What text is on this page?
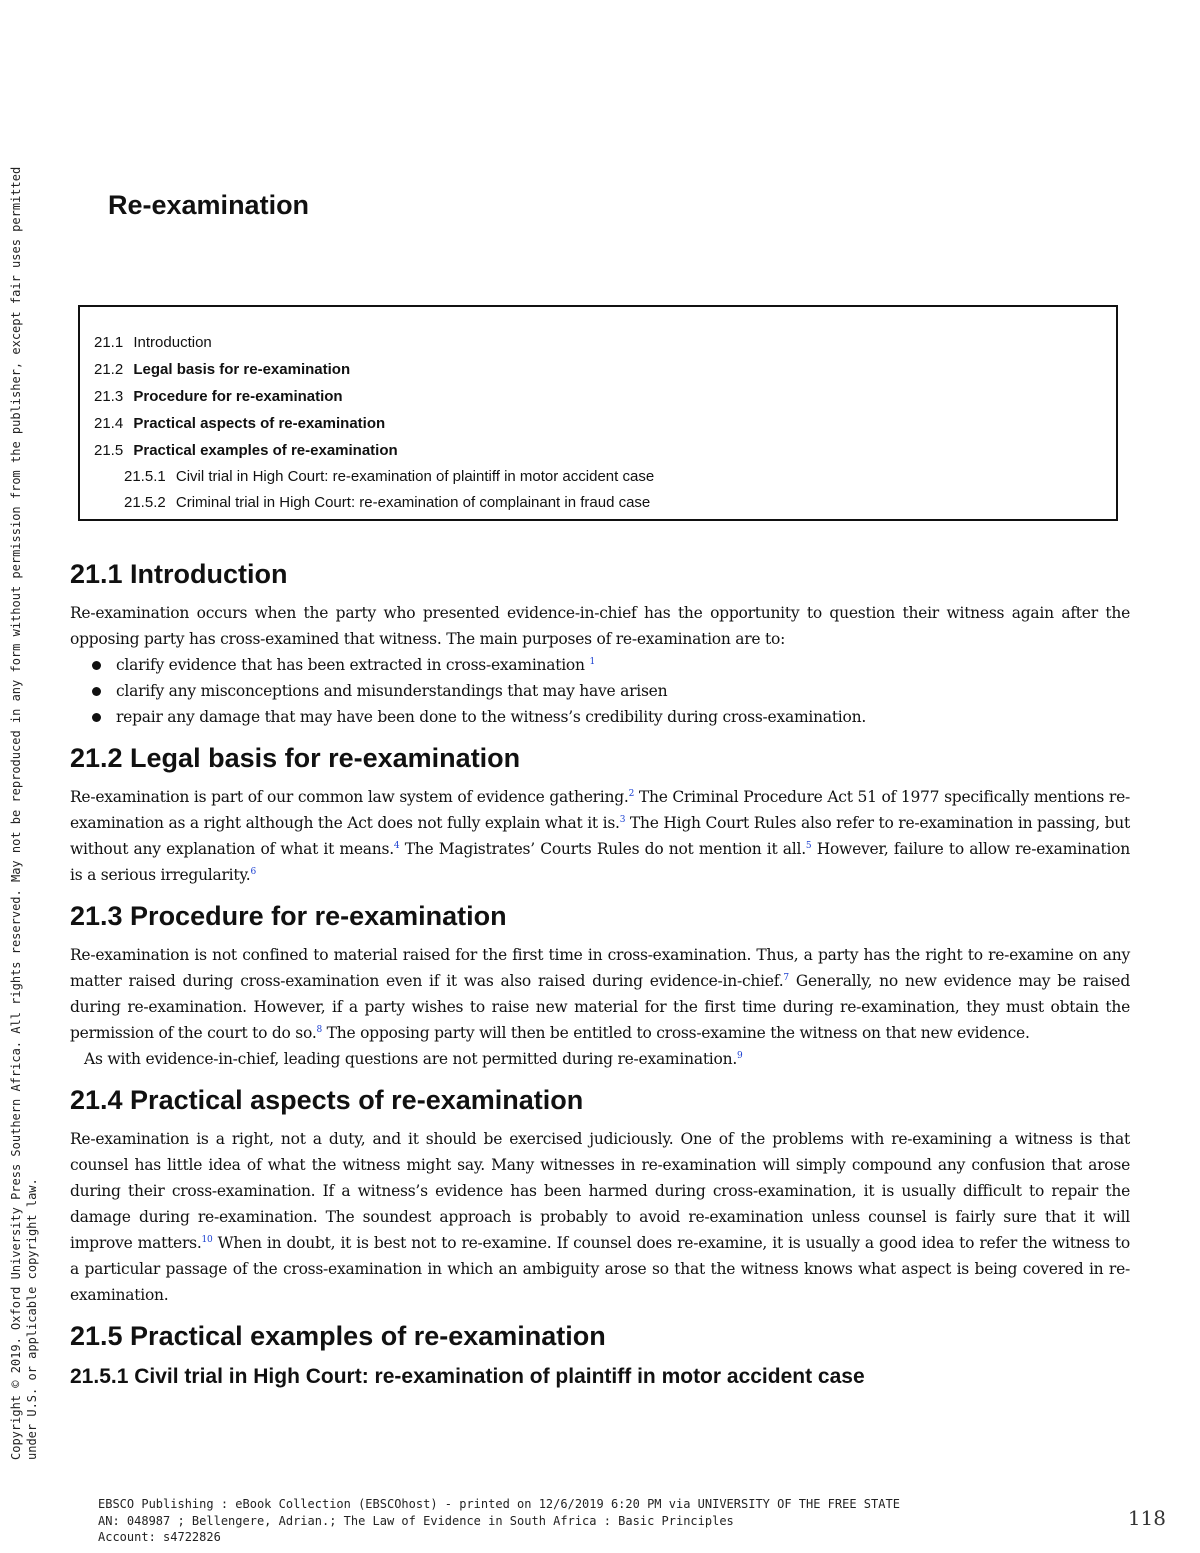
Copyright © 2019. Oxford University Press Southern Africa. All rights reserved. May not be reproduced in any form without permission from the publisher, except fair uses permitted under U.S. or applicable copyright law.
Re-examination
21.1 Introduction
21.2 Legal basis for re-examination
21.3 Procedure for re-examination
21.4 Practical aspects of re-examination
21.5 Practical examples of re-examination
21.5.1 Civil trial in High Court: re-examination of plaintiff in motor accident case
21.5.2 Criminal trial in High Court: re-examination of complainant in fraud case
21.1 Introduction

Re-examination occurs when the party who presented evidence-in-chief has the opportunity to question their witness again after the opposing party has cross-examined that witness. The main purposes of re-examination are to:

clarify evidence that has been extracted in cross-examination $^1$
clarify any misconceptions and misunderstandings that may have arisen
repair any damage that may have been done to the witness’s credibility during cross-examination.
21.2 Legal basis for re-examination

Re-examination is part of our common law system of evidence gathering.$^2$ The Criminal Procedure Act 51 of 1977 specifically mentions re-examination as a right although the Act does not fully explain what it is.$^3$ The High Court Rules also refer to re-examination in passing, but without any explanation of what it means.$^4$ The Magistrates’ Courts Rules do not mention it all.$^5$ However, failure to allow re-examination is a serious irregularity.$^6$

21.3 Procedure for re-examination

Re-examination is not confined to material raised for the first time in cross-examination. Thus, a party has the right to re-examine on any matter raised during cross-examination even if it was also raised during evidence-in-chief.$^7$ Generally, no new evidence may be raised during re-examination. However, if a party wishes to raise new material for the first time during re-examination, they must obtain the permission of the court to do so.$^8$ The opposing party will then be entitled to cross-examine the witness on that new evidence.

As with evidence-in-chief, leading questions are not permitted during re-examination.$^9$

21.4 Practical aspects of re-examination

Re-examination is a right, not a duty, and it should be exercised judiciously. One of the problems with re-examining a witness is that counsel has little idea of what the witness might say. Many witnesses in re-examination will simply compound any confusion that arose during their cross-examination. If a witness’s evidence has been harmed during cross-examination, it is usually difficult to repair the damage during re-examination. The soundest approach is probably to avoid re-examination unless counsel is fairly sure that it will improve matters.$^{10}$ When in doubt, it is best not to re-examine. If counsel does re-examine, it is usually a good idea to refer the witness to a particular passage of the cross-examination in which an ambiguity arose so that the witness knows what aspect is being covered in re-examination.

21.5 Practical examples of re-examination
21.5.1 Civil trial in High Court: re-examination of plaintiff in motor accident case
EBSCO Publishing : eBook Collection (EBSCOhost) - printed on 12/6/2019 6:20 PM via UNIVERSITY OF THE FREE STATE
AN: 048987 ; Bellengere, Adrian.; The Law of Evidence in South Africa : Basic Principles
Account: s4722826
118
